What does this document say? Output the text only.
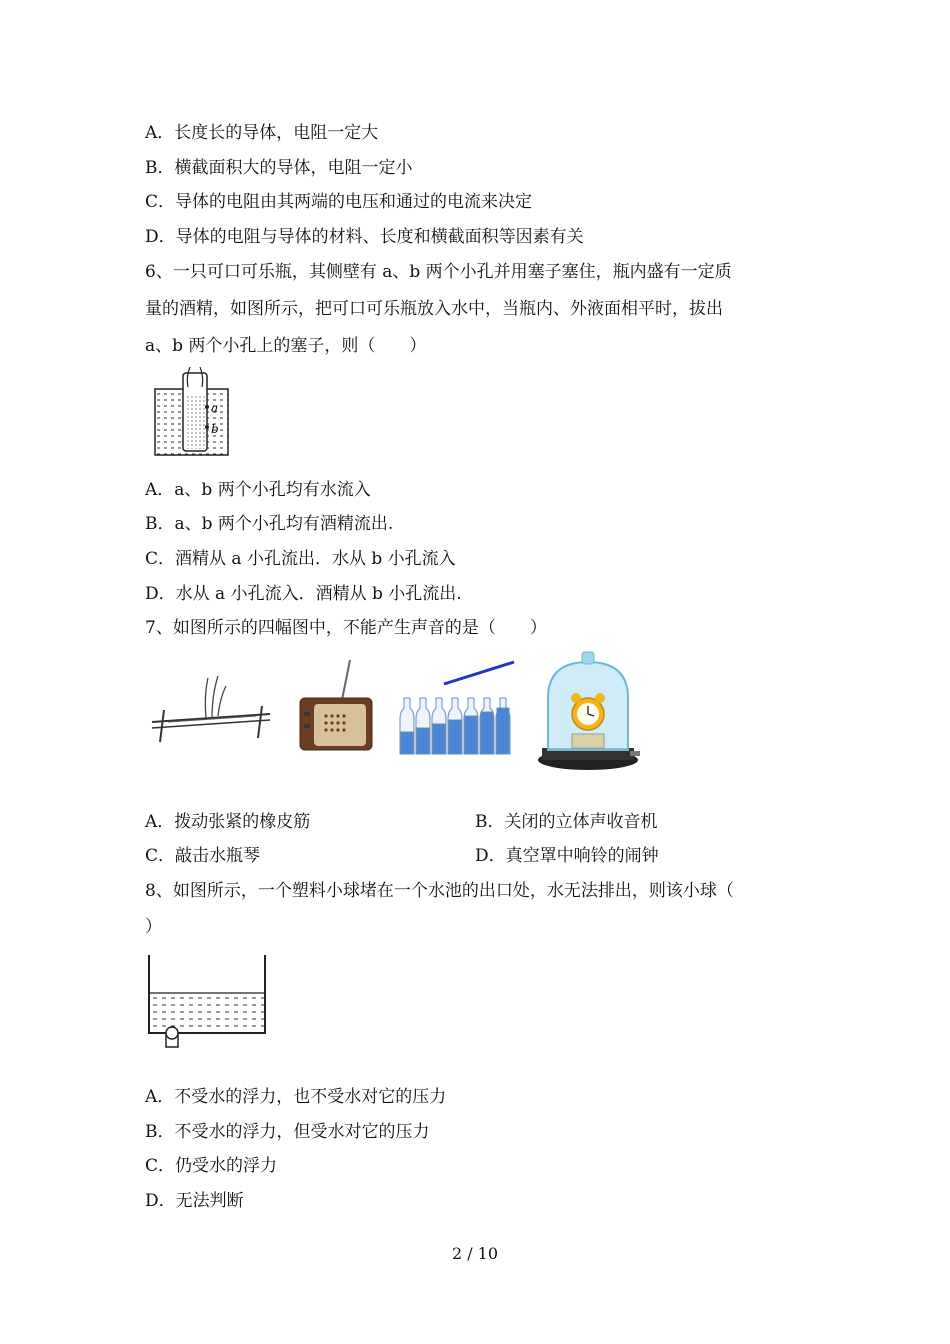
A．长度长的导体，电阻一定大
B．横截面积大的导体，电阻一定小
C．导体的电阻由其两端的电压和通过的电流来决定
D．导体的电阻与导体的材料、长度和横截面积等因素有关
6、一只可口可乐瓶，其侧壁有 a、b 两个小孔并用塞子塞住，瓶内盛有一定质
量的酒精，如图所示，把可口可乐瓶放入水中，当瓶内、外液面相平时，拔出
a、b 两个小孔上的塞子，则（　　）
a
b
A．a、b 两个小孔均有水流入
B．a、b 两个小孔均有酒精流出.
C．酒精从 a 小孔流出．水从 b 小孔流入
D．水从 a 小孔流入．酒精从 b 小孔流出.
7、如图所示的四幅图中，不能产生声音的是（　　）
A．拨动张紧的橡皮筋	B．关闭的立体声收音机
C．敲击水瓶琴	D．真空罩中响铃的闹钟
8、如图所示，一个塑料小球堵在一个水池的出口处，水无法排出，则该小球（
）
A．不受水的浮力，也不受水对它的压力
B．不受水的浮力，但受水对它的压力
C．仍受水的浮力
D．无法判断
2 / 10
